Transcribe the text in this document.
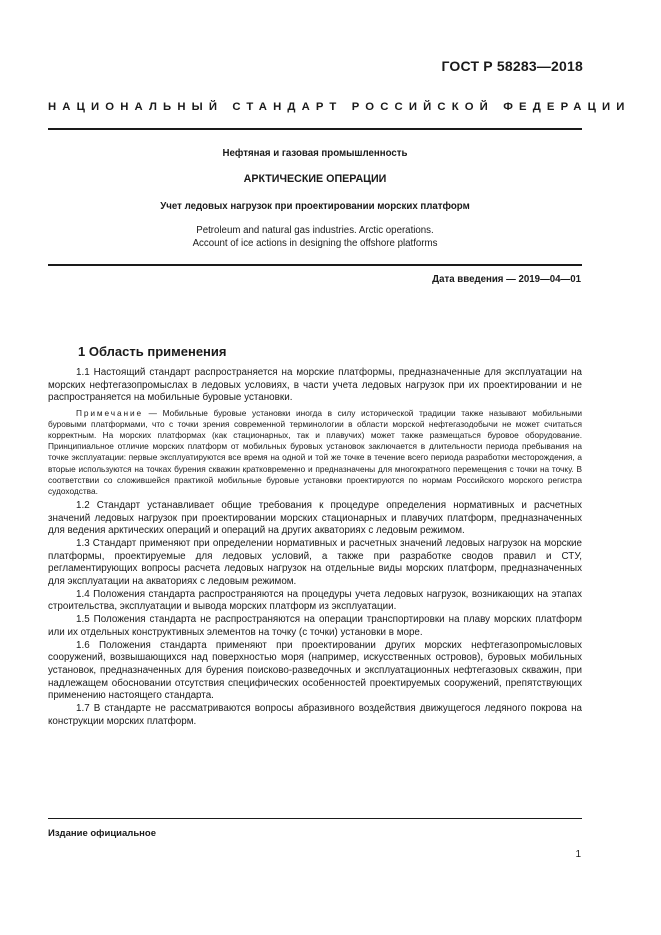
ГОСТ Р 58283—2018
НАЦИОНАЛЬНЫЙ СТАНДАРТ РОССИЙСКОЙ ФЕДЕРАЦИИ
Нефтяная и газовая промышленность
АРКТИЧЕСКИЕ ОПЕРАЦИИ
Учет ледовых нагрузок при проектировании морских платформ
Petroleum and natural gas industries. Arctic operations.
Account of ice actions in designing the offshore platforms
Дата введения — 2019—04—01
1 Область применения

1.1 Настоящий стандарт распространяется на морские платформы, предназначенные для эксплуатации на морских нефтегазопромыслах в ледовых условиях, в части учета ледовых нагрузок при их проектировании и не распространяется на мобильные буровые установки.

Примечание — Мобильные буровые установки иногда в силу исторической традиции также называют мобильными буровыми платформами, что с точки зрения современной терминологии в области морской нефтегазодобычи не может считаться корректным. На морских платформах (как стационарных, так и плавучих) может также размещаться буровое оборудование. Принципиальное отличие морских платформ от мобильных буровых установок заключается в длительности периода пребывания на точке эксплуатации: первые эксплуатируются все время на одной и той же точке в течение всего периода разработки месторождения, а вторые используются на точках бурения скважин кратковременно и предназначены для многократного перемещения с точки на точку. В соответствии со сложившейся практикой мобильные буровые установки проектируются по нормам Российского морского регистра судоходства.

1.2 Стандарт устанавливает общие требования к процедуре определения нормативных и расчетных значений ледовых нагрузок при проектировании морских стационарных и плавучих платформ, предназначенных для ведения арктических операций и операций на других акваториях с ледовым режимом.

1.3 Стандарт применяют при определении нормативных и расчетных значений ледовых нагрузок на морские платформы, проектируемые для ледовых условий, а также при разработке сводов правил и СТУ, регламентирующих вопросы расчета ледовых нагрузок на отдельные виды морских платформ, предназначенных для эксплуатации на акваториях с ледовым режимом.

1.4 Положения стандарта распространяются на процедуры учета ледовых нагрузок, возникающих на этапах строительства, эксплуатации и вывода морских платформ из эксплуатации.

1.5 Положения стандарта не распространяются на операции транспортировки на плаву морских платформ или их отдельных конструктивных элементов на точку (с точки) установки в море.

1.6 Положения стандарта применяют при проектировании других морских нефтегазопромысловых сооружений, возвышающихся над поверхностью моря (например, искусственных островов), буровых мобильных установок, предназначенных для бурения поисково-разведочных и эксплуатационных нефтегазовых скважин, при надлежащем обосновании отсутствия специфических особенностей проектируемых сооружений, препятствующих применению настоящего стандарта.

1.7 В стандарте не рассматриваются вопросы абразивного воздействия движущегося ледяного покрова на конструкции морских платформ.

Издание официальное
1
